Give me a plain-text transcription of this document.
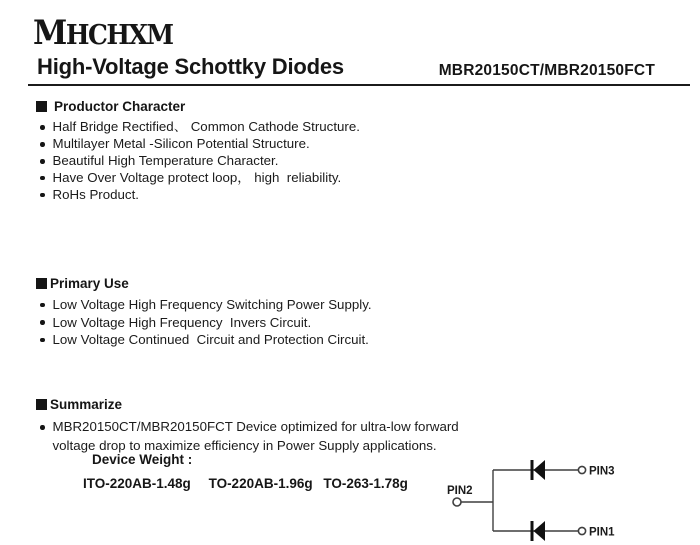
MHCHXM
High-Voltage Schottky Diodes	MBR20150CT/MBR20150FCT
Productor Character
Half Bridge Rectified、 Common Cathode Structure.
Multilayer Metal -Silicon Potential Structure.
Beautiful High Temperature Character.
Have Over Voltage protect loop， high  reliability.
RoHs Product.
Primary Use
Low Voltage High Frequency Switching Power Supply.
Low Voltage High Frequency  Invers Circuit.
Low Voltage Continued  Circuit and Protection Circuit.
Summarize
MBR20150CT/MBR20150FCT Device optimized for ultra-low forward voltage drop to maximize efficiency in Power Supply applications.
Device Weight :
ITO-220AB-1.48g TO-220AB-1.96g TO-263-1.78g	PIN2
PIN3
PIN1
